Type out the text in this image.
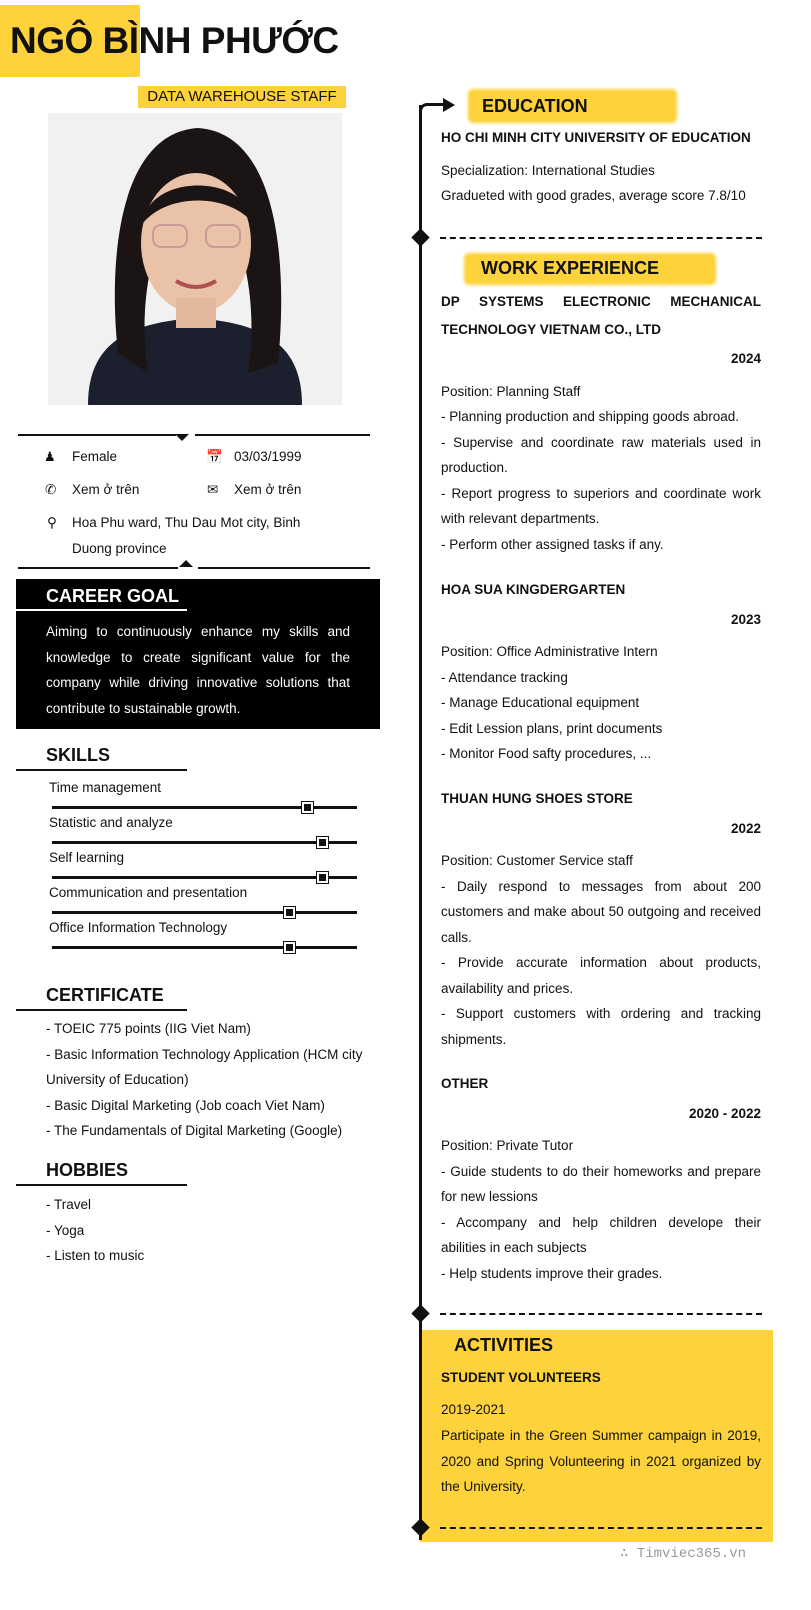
NGÔ BÌNH PHƯỚC
DATA WAREHOUSE STAFF
♟ Female	📅 03/03/1999
✆ Xem ở trên	✉ Xem ở trên
⚲ Hoa Phu ward, Thu Dau Mot city, Binh Duong province
CAREER GOAL
Aiming to continuously enhance my skills and knowledge to create significant value for the company while driving innovative solutions that contribute to sustainable growth.
SKILLS
Time management
Statistic and analyze
Self learning
Communication and presentation
Office Information Technology
CERTIFICATE
- TOEIC 775 points (IIG Viet Nam)
- Basic Information Technology Application (HCM city University of Education)
- Basic Digital Marketing (Job coach Viet Nam)
- The Fundamentals of Digital Marketing (Google)
HOBBIES
- Travel
- Yoga
- Listen to music
EDUCATION
HO CHI MINH CITY UNIVERSITY OF EDUCATION
Specialization: International Studies
Gradueted with good grades, average score 7.8/10
WORK EXPERIENCE
DP SYSTEMS ELECTRONIC MECHANICAL TECHNOLOGY VIETNAM CO., LTD
2024
Position: Planning Staff
- Planning production and shipping goods abroad.
- Supervise and coordinate raw materials used in production.
- Report progress to superiors and coordinate work with relevant departments.
- Perform other assigned tasks if any.
HOA SUA KINGDERGARTEN
2023
Position: Office Administrative Intern
- Attendance tracking
- Manage Educational equipment
- Edit Lession plans, print documents
- Monitor Food safty procedures, ...
THUAN HUNG SHOES STORE
2022
Position: Customer Service staff
- Daily respond to messages from about 200 customers and make about 50 outgoing and received calls.
- Provide accurate information about products, availability and prices.
- Support customers with ordering and tracking shipments.
OTHER
2020 - 2022
Position: Private Tutor
- Guide students to do their homeworks and prepare for new lessions
- Accompany and help children develope their abilities in each subjects
- Help students improve their grades.
ACTIVITIES
STUDENT VOLUNTEERS
2019-2021
Participate in the Green Summer campaign in 2019, 2020 and Spring Volunteering in 2021 organized by the University.
∴ Timviec365.vn
